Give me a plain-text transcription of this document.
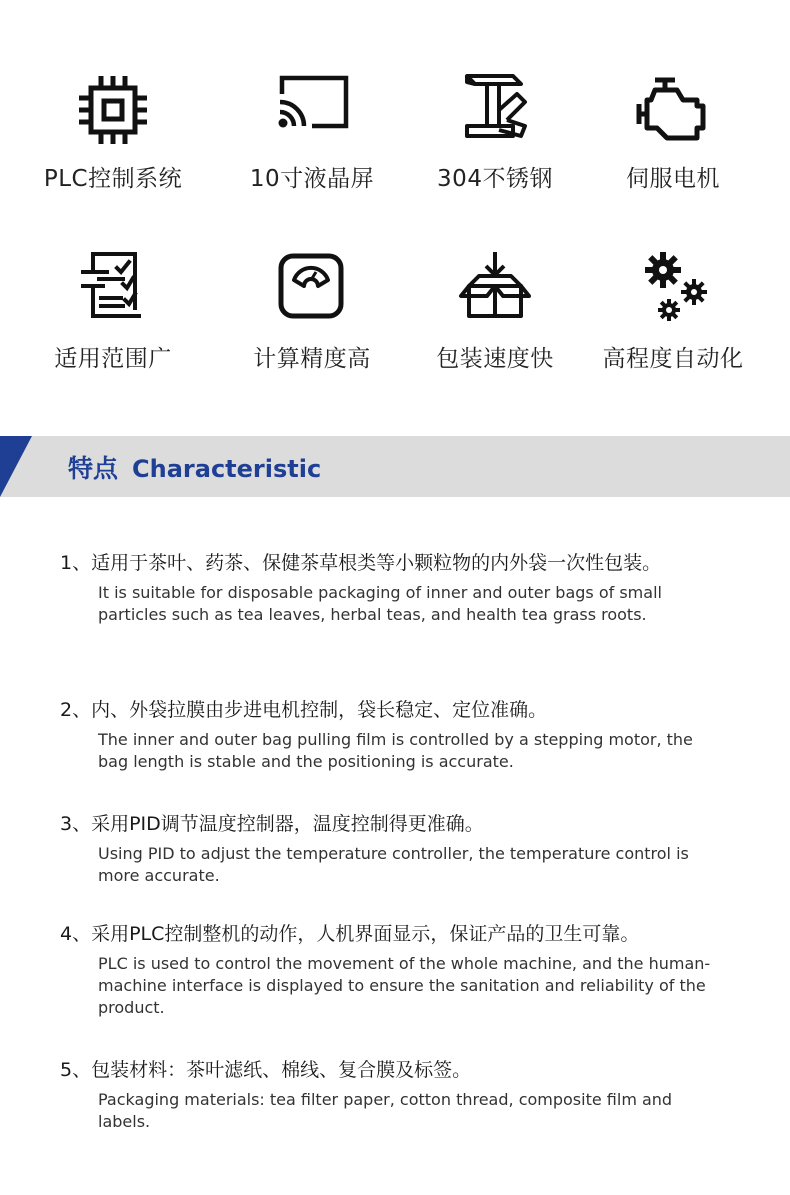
PLC控制系统	10寸液晶屏	304不锈钢	伺服电机
适用范围广	计算精度高	包装速度快	高程度自动化
特点 Characteristic
1、适用于茶叶、药茶、保健茶草根类等小颗粒物的内外袋一次性包装。
It is suitable for disposable packaging of inner and outer bags of small particles such as tea leaves, herbal teas, and health tea grass roots.
2、内、外袋拉膜由步进电机控制，袋长稳定、定位准确。
The inner and outer bag pulling film is controlled by a stepping motor, the bag length is stable and the positioning is accurate.
3、采用PID调节温度控制器，温度控制得更准确。
Using PID to adjust the temperature controller, the temperature control is more accurate.
4、采用PLC控制整机的动作，人机界面显示，保证产品的卫生可靠。
PLC is used to control the movement of the whole machine, and the human-machine interface is displayed to ensure the sanitation and reliability of the product.
5、包装材料：茶叶滤纸、棉线、复合膜及标签。
Packaging materials: tea filter paper, cotton thread, composite film and labels.
